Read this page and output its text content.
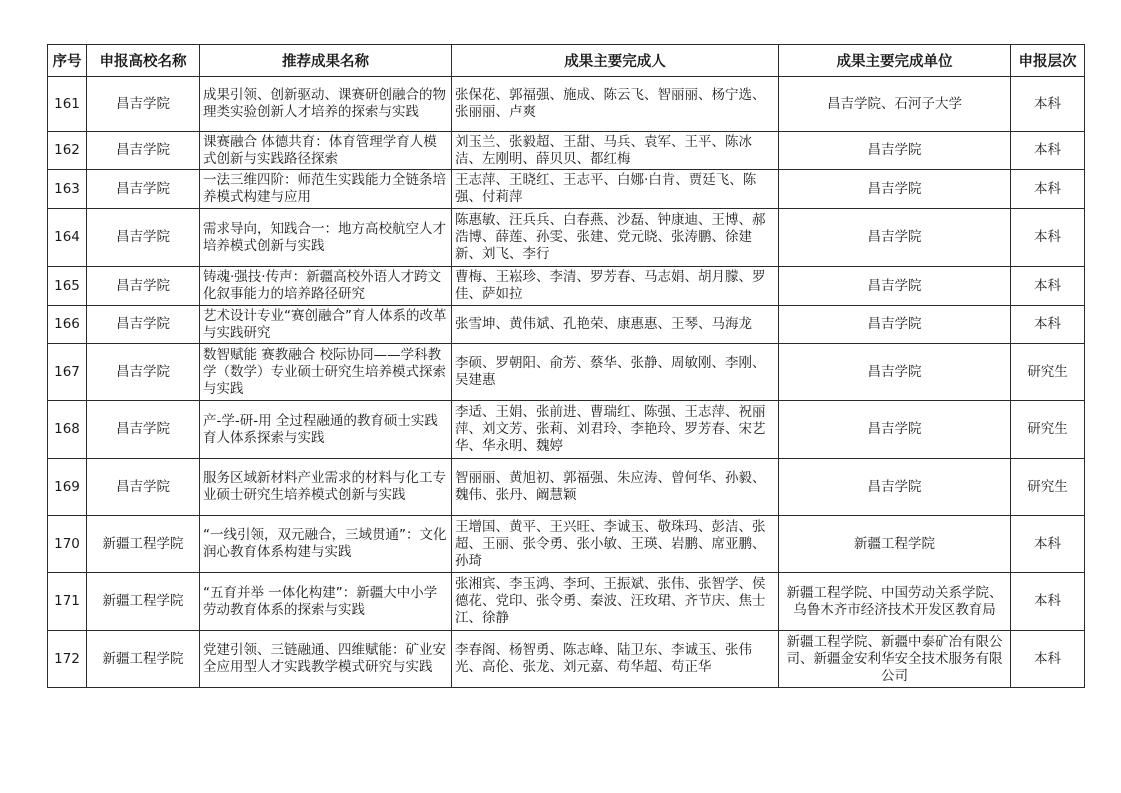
序号	申报高校名称	推荐成果名称	成果主要完成人	成果主要完成单位	申报层次
161	昌吉学院	成果引领、创新驱动、课赛研创融合的物理类实验创新人才培养的探索与实践	张保花、郭福强、施成、陈云飞、智丽丽、杨宁选、张丽丽、卢爽	昌吉学院、石河子大学	本科
162	昌吉学院	课赛融合 体德共育：体育管理学育人模式创新与实践路径探索	刘玉兰、张毅超、王甜、马兵、袁军、王平、陈冰洁、左刚明、薛贝贝、都红梅	昌吉学院	本科
163	昌吉学院	一法三维四阶：师范生实践能力全链条培养模式构建与应用	王志萍、王晓红、王志平、白娜·白肯、贾廷飞、陈强、付莉萍	昌吉学院	本科
164	昌吉学院	需求导向，知践合一：地方高校航空人才培养模式创新与实践	陈惠敏、汪兵兵、白春燕、沙磊、钟康迪、王博、郝浩博、薛莲、孙雯、张建、党元晓、张涛鹏、徐建新、刘飞、李行	昌吉学院	本科
165	昌吉学院	铸魂·强技·传声：新疆高校外语人才跨文化叙事能力的培养路径研究	曹梅、王崧珍、李清、罗芳春、马志娟、胡月朦、罗佳、萨如拉	昌吉学院	本科
166	昌吉学院	艺术设计专业“赛创融合”育人体系的改革与实践研究	张雪坤、黄伟斌、孔艳荣、康惠惠、王琴、马海龙	昌吉学院	本科
167	昌吉学院	数智赋能 赛教融合 校际协同——学科教学（数学）专业硕士研究生培养模式探索与实践	李硕、罗朝阳、俞芳、蔡华、张静、周敏刚、李刚、吴建惠	昌吉学院	研究生
168	昌吉学院	产-学-研-用 全过程融通的教育硕士实践育人体系探索与实践	李适、王娟、张前进、曹瑞红、陈强、王志萍、祝丽萍、刘文芳、张莉、刘君玲、李艳玲、罗芳春、宋艺华、华永明、魏婷	昌吉学院	研究生
169	昌吉学院	服务区域新材料产业需求的材料与化工专业硕士研究生培养模式创新与实践	智丽丽、黄旭初、郭福强、朱应涛、曾何华、孙毅、魏伟、张丹、阚慧颖	昌吉学院	研究生
170	新疆工程学院	“一线引领，双元融合，三域贯通”：文化润心教育体系构建与实践	王增国、黄平、王兴旺、李诚玉、敬珠玛、彭洁、张超、王丽、张令勇、张小敏、王瑛、岩鹏、席亚鹏、孙琦	新疆工程学院	本科
171	新疆工程学院	“五育并举 一体化构建”：新疆大中小学劳动教育体系的探索与实践	张湘宾、李玉鸿、李珂、王振斌、张伟、张智学、侯德花、党印、张令勇、秦波、汪玫珺、齐节庆、焦士江、徐静	新疆工程学院、中国劳动关系学院、乌鲁木齐市经济技术开发区教育局	本科
172	新疆工程学院	党建引领、三链融通、四维赋能：矿业安全应用型人才实践教学模式研究与实践	李春阁、杨智勇、陈志峰、陆卫东、李诚玉、张伟光、高伦、张龙、刘元嘉、苟华超、苟正华	新疆工程学院、新疆中泰矿冶有限公司、新疆金安利华安全技术服务有限公司	本科
